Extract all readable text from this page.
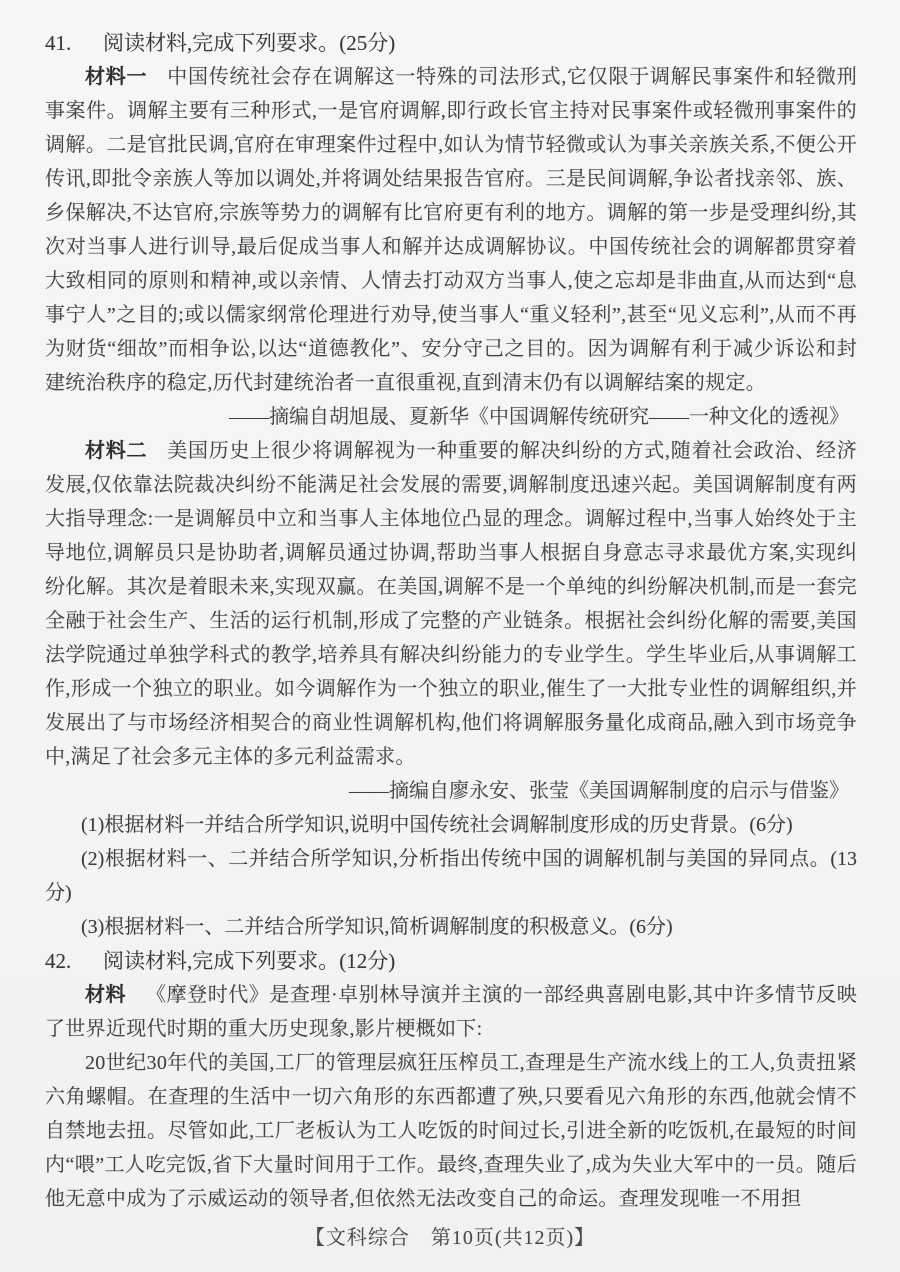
41. 阅读材料,完成下列要求。(25分)

材料一 中国传统社会存在调解这一特殊的司法形式,它仅限于调解民事案件和轻微刑事案件。调解主要有三种形式,一是官府调解,即行政长官主持对民事案件或轻微刑事案件的调解。二是官批民调,官府在审理案件过程中,如认为情节轻微或认为事关亲族关系,不便公开传讯,即批令亲族人等加以调处,并将调处结果报告官府。三是民间调解,争讼者找亲邻、族、乡保解决,不达官府,宗族等势力的调解有比官府更有利的地方。调解的第一步是受理纠纷,其次对当事人进行训导,最后促成当事人和解并达成调解协议。中国传统社会的调解都贯穿着大致相同的原则和精神,或以亲情、人情去打动双方当事人,使之忘却是非曲直,从而达到“息事宁人”之目的;或以儒家纲常伦理进行劝导,使当事人“重义轻利”,甚至“见义忘利”,从而不再为财货“细故”而相争讼,以达“道德教化”、安分守己之目的。因为调解有利于减少诉讼和封建统治秩序的稳定,历代封建统治者一直很重视,直到清末仍有以调解结案的规定。

——摘编自胡旭晟、夏新华《中国调解传统研究——一种文化的透视》

材料二 美国历史上很少将调解视为一种重要的解决纠纷的方式,随着社会政治、经济发展,仅依靠法院裁决纠纷不能满足社会发展的需要,调解制度迅速兴起。美国调解制度有两大指导理念:一是调解员中立和当事人主体地位凸显的理念。调解过程中,当事人始终处于主导地位,调解员只是协助者,调解员通过协调,帮助当事人根据自身意志寻求最优方案,实现纠纷化解。其次是着眼未来,实现双赢。在美国,调解不是一个单纯的纠纷解决机制,而是一套完全融于社会生产、生活的运行机制,形成了完整的产业链条。根据社会纠纷化解的需要,美国法学院通过单独学科式的教学,培养具有解决纠纷能力的专业学生。学生毕业后,从事调解工作,形成一个独立的职业。如今调解作为一个独立的职业,催生了一大批专业性的调解组织,并发展出了与市场经济相契合的商业性调解机构,他们将调解服务量化成商品,融入到市场竞争中,满足了社会多元主体的多元利益需求。

——摘编自廖永安、张莹《美国调解制度的启示与借鉴》

(1)根据材料一并结合所学知识,说明中国传统社会调解制度形成的历史背景。(6分)

(2)根据材料一、二并结合所学知识,分析指出传统中国的调解机制与美国的异同点。(13分)

(3)根据材料一、二并结合所学知识,简析调解制度的积极意义。(6分)

42. 阅读材料,完成下列要求。(12分)

材料 《摩登时代》是查理·卓别林导演并主演的一部经典喜剧电影,其中许多情节反映了世界近现代时期的重大历史现象,影片梗概如下:

20世纪30年代的美国,工厂的管理层疯狂压榨员工,查理是生产流水线上的工人,负责扭紧六角螺帽。在查理的生活中一切六角形的东西都遭了殃,只要看见六角形的东西,他就会情不自禁地去扭。尽管如此,工厂老板认为工人吃饭的时间过长,引进全新的吃饭机,在最短的时间内“喂”工人吃完饭,省下大量时间用于工作。最终,查理失业了,成为失业大军中的一员。随后他无意中成为了示威运动的领导者,但依然无法改变自己的命运。查理发现唯一不用担

【文科综合　第10页(共12页)】
